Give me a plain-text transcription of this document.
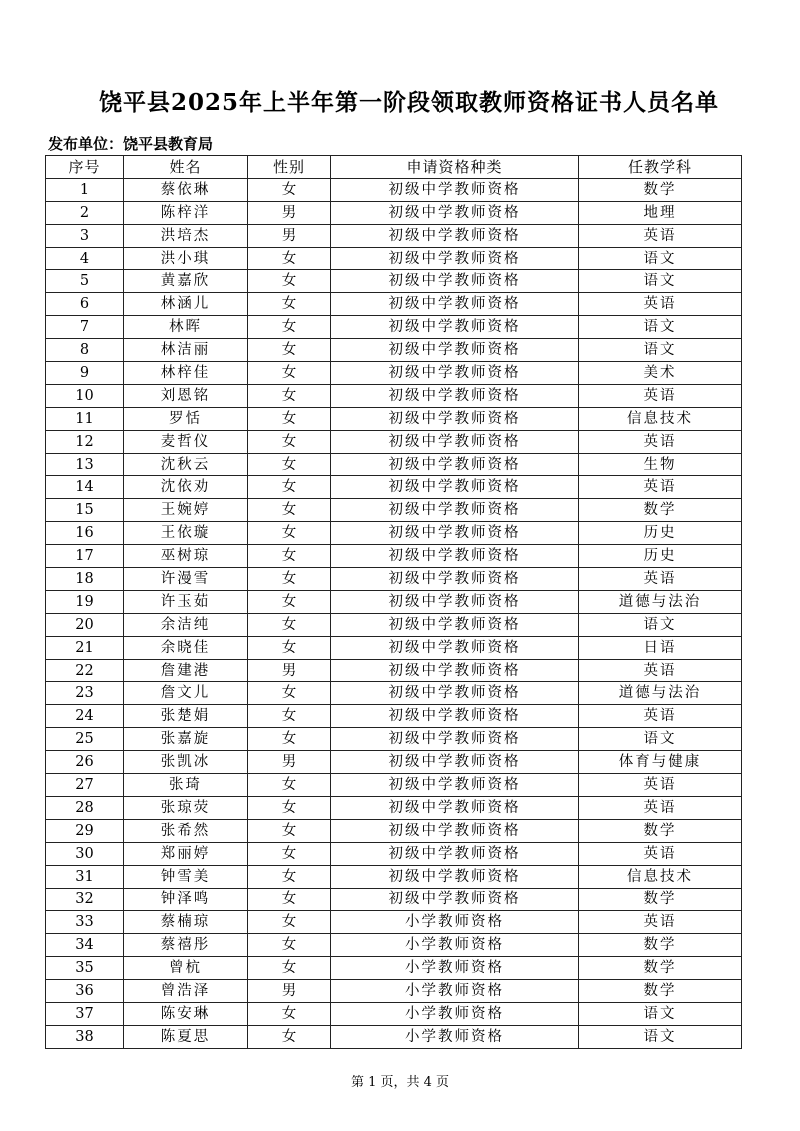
饶平县2025年上半年第一阶段领取教师资格证书人员名单
发布单位：饶平县教育局
序号	姓名	性别	申请资格种类	任教学科
1	蔡依琳	女	初级中学教师资格	数学
2	陈梓洋	男	初级中学教师资格	地理
3	洪培杰	男	初级中学教师资格	英语
4	洪小琪	女	初级中学教师资格	语文
5	黄嘉欣	女	初级中学教师资格	语文
6	林涵儿	女	初级中学教师资格	英语
7	林晖	女	初级中学教师资格	语文
8	林洁丽	女	初级中学教师资格	语文
9	林梓佳	女	初级中学教师资格	美术
10	刘恩铭	女	初级中学教师资格	英语
11	罗恬	女	初级中学教师资格	信息技术
12	麦哲仪	女	初级中学教师资格	英语
13	沈秋云	女	初级中学教师资格	生物
14	沈依劝	女	初级中学教师资格	英语
15	王婉婷	女	初级中学教师资格	数学
16	王依璇	女	初级中学教师资格	历史
17	巫树琼	女	初级中学教师资格	历史
18	许漫雪	女	初级中学教师资格	英语
19	许玉茹	女	初级中学教师资格	道德与法治
20	余洁纯	女	初级中学教师资格	语文
21	余晓佳	女	初级中学教师资格	日语
22	詹建港	男	初级中学教师资格	英语
23	詹文儿	女	初级中学教师资格	道德与法治
24	张楚娟	女	初级中学教师资格	英语
25	张嘉旋	女	初级中学教师资格	语文
26	张凯冰	男	初级中学教师资格	体育与健康
27	张琦	女	初级中学教师资格	英语
28	张琼荧	女	初级中学教师资格	英语
29	张希然	女	初级中学教师资格	数学
30	郑丽婷	女	初级中学教师资格	英语
31	钟雪美	女	初级中学教师资格	信息技术
32	钟泽鸣	女	初级中学教师资格	数学
33	蔡楠琼	女	小学教师资格	英语
34	蔡禧彤	女	小学教师资格	数学
35	曾杭	女	小学教师资格	数学
36	曾浩泽	男	小学教师资格	数学
37	陈安琳	女	小学教师资格	语文
38	陈夏思	女	小学教师资格	语文
第 1 页，共 4 页
